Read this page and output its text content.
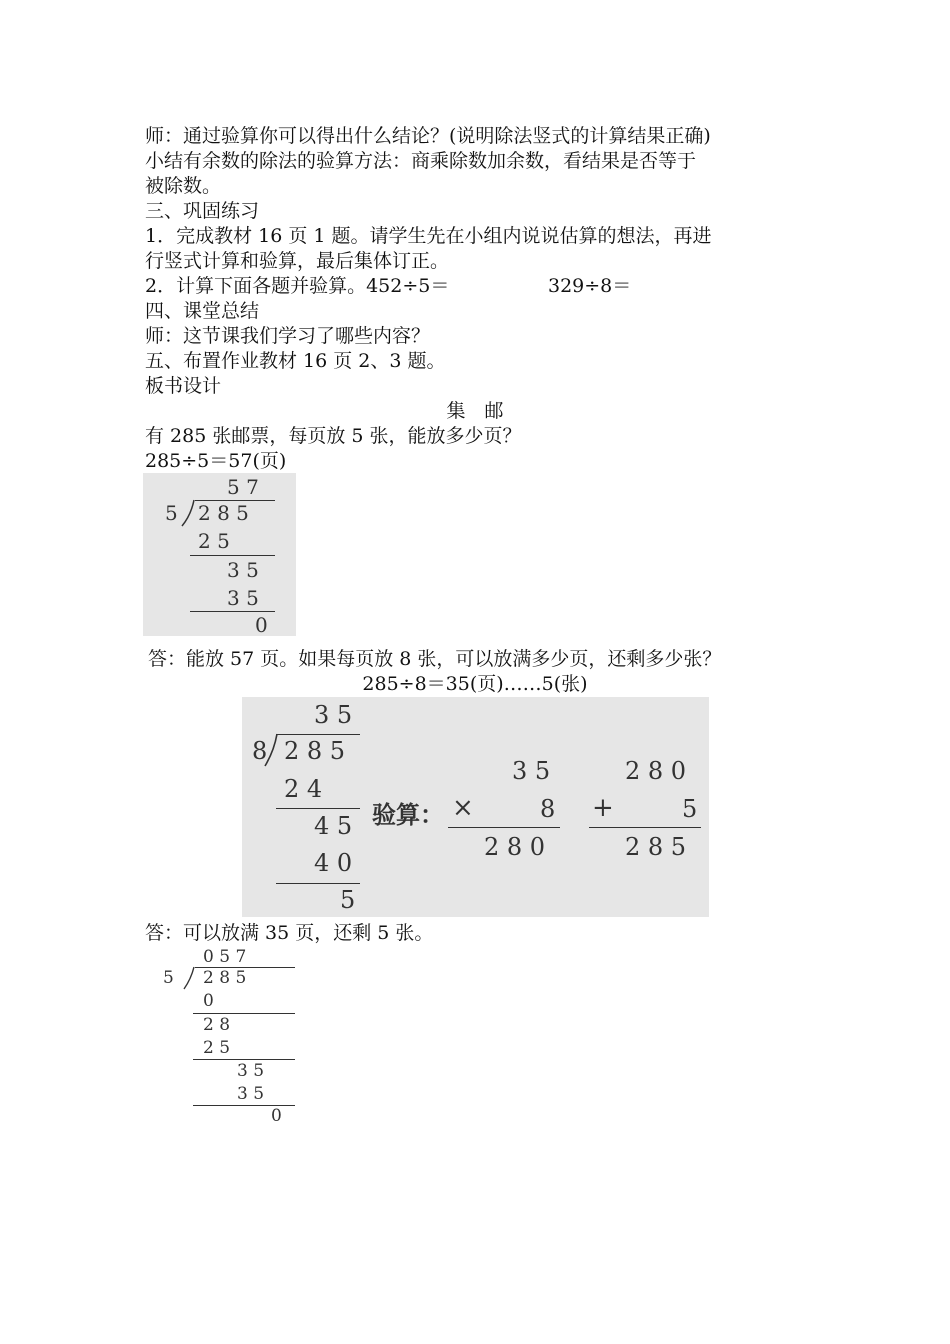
师：通过验算你可以得出什么结论？(说明除法竖式的计算结果正确)
小结有余数的除法的验算方法：商乘除数加余数，看结果是否等于
被除数。
三、巩固练习
1．完成教材 16 页 1 题。请学生先在小组内说说估算的想法，再进
行竖式计算和验算，最后集体订正。
2．计算下面各题并验算。452÷5＝	329÷8＝
四、课堂总结
师：这节课我们学习了哪些内容？
五、布置作业教材 16 页 2、3 题。
板书设计
集　邮
有 285 张邮票，每页放 5 张，能放多少页？
285÷5＝57(页)
5 7
5 2 8 5
2 5
3 5
3 5
0
答：能放 57 页。如果每页放 8 张，可以放满多少页，还剩多少张？
285÷8＝35(页)……5(张)
3 5
8 2 8 5
2 4
4 5
4 0
5
验算：
3 5
×	8
2 8 0
2 8 0
+	5
2 8 5
答：可以放满 35 页，还剩 5 张。
0 5 7
5 2 8 5
0
2 8
2 5
3 5
3 5
0
